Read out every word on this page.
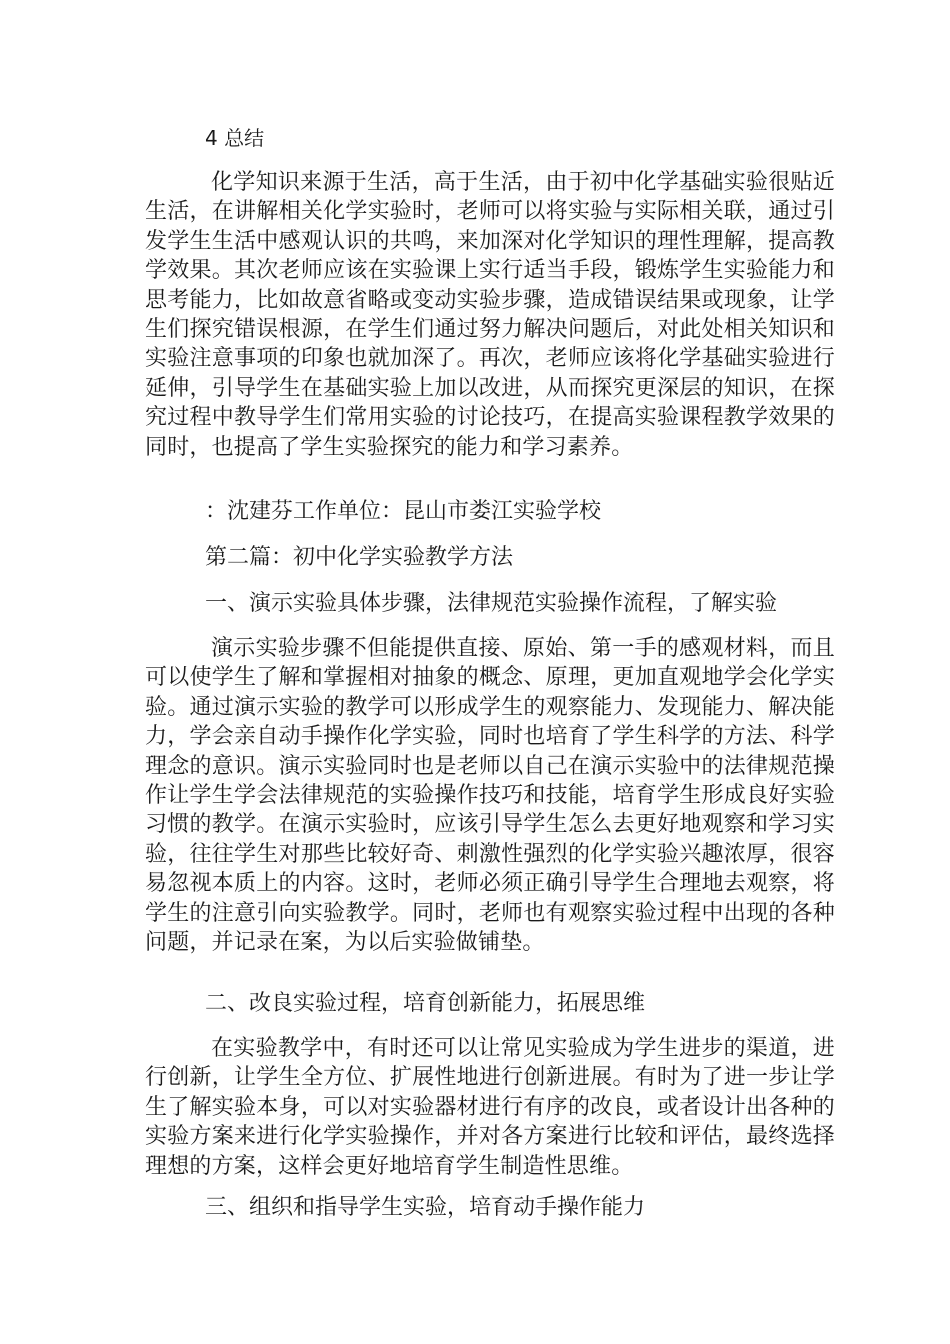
4 总结

化学知识来源于生活，高于生活，由于初中化学基础实验很贴近生活，在讲解相关化学实验时，老师可以将实验与实际相关联，通过引发学生生活中感观认识的共鸣，来加深对化学知识的理性理解，提高教学效果。其次老师应该在实验课上实行适当手段，锻炼学生实验能力和思考能力，比如故意省略或变动实验步骤，造成错误结果或现象，让学生们探究错误根源，在学生们通过努力解决问题后，对此处相关知识和实验注意事项的印象也就加深了。再次，老师应该将化学基础实验进行延伸，引导学生在基础实验上加以改进，从而探究更深层的知识，在探究过程中教导学生们常用实验的讨论技巧，在提高实验课程教学效果的同时，也提高了学生实验探究的能力和学习素养。

：沈建芬工作单位：昆山市娄江实验学校

第二篇：初中化学实验教学方法

一、演示实验具体步骤，法律规范实验操作流程，了解实验

演示实验步骤不但能提供直接、原始、第一手的感观材料，而且可以使学生了解和掌握相对抽象的概念、原理，更加直观地学会化学实验。通过演示实验的教学可以形成学生的观察能力、发现能力、解决能力，学会亲自动手操作化学实验，同时也培育了学生科学的方法、科学理念的意识。演示实验同时也是老师以自己在演示实验中的法律规范操作让学生学会法律规范的实验操作技巧和技能，培育学生形成良好实验习惯的教学。在演示实验时，应该引导学生怎么去更好地观察和学习实验，往往学生对那些比较好奇、刺激性强烈的化学实验兴趣浓厚，很容易忽视本质上的内容。这时，老师必须正确引导学生合理地去观察，将学生的注意引向实验教学。同时，老师也有观察实验过程中出现的各种问题，并记录在案，为以后实验做铺垫。

二、改良实验过程，培育创新能力，拓展思维

在实验教学中，有时还可以让常见实验成为学生进步的渠道，进行创新，让学生全方位、扩展性地进行创新进展。有时为了进一步让学生了解实验本身，可以对实验器材进行有序的改良，或者设计出各种的实验方案来进行化学实验操作，并对各方案进行比较和评估，最终选择理想的方案，这样会更好地培育学生制造性思维。

三、组织和指导学生实验，培育动手操作能力
